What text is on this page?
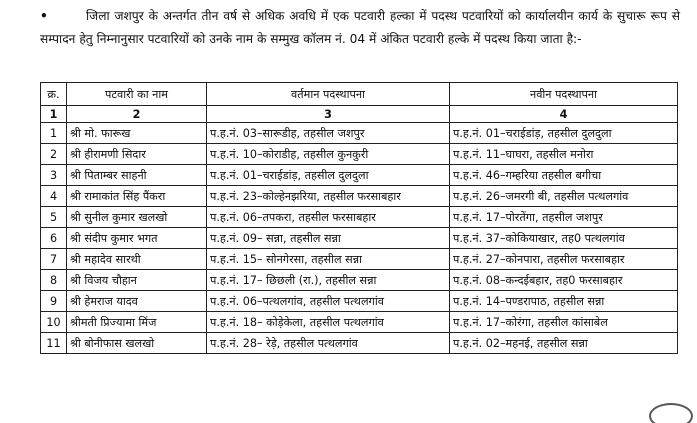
•	जिला जशपुर के अन्तर्गत तीन वर्ष से अधिक अवधि में एक पटवारी हल्का में पदस्थ पटवारियों को कार्यालयीन कार्य के सुचारू रूप से सम्पादन हेतु निम्नानुसार पटवारियों को उनके नाम के सम्मुख कॉलम नं. 04 में अंकित पटवारी हल्के में पदस्थ किया जाता है:-
क्र.	पटवारी का नाम	वर्तमान पदस्थापना	नवीन पदस्थापना
1	2	3	4
1	श्री मो. फारूख	प.ह.नं. 03–सारूडीह, तहसील जशपुर	प.ह.नं. 01–चराईडांड़, तहसील दुलदुला
2	श्री हीरामणी सिदार	प.ह.नं. 10–कोराडीह, तहसील कुनकुरी	प.ह.नं. 11–घाघरा, तहसील मनोरा
3	श्री पिताम्बर साहनी	प.ह.नं. 01–चराईडांड़, तहसील दुलदुला	प.ह.नं. 46–गम्हरिया तहसील बगीचा
4	श्री रामाकांत सिंह पैंकरा	प.ह.नं. 23–कोल्हेनझरिया, तहसील फरसाबहार	प.ह.नं. 26–जमरगी बी, तहसील पत्थलगांव
5	श्री सुनील कुमार खलखो	प.ह.नं. 06–तपकरा, तहसील फरसाबहार	प.ह.नं. 17–पोरतेंगा, तहसील जशपुर
6	श्री संदीप कुमार भगत	प.ह.नं. 09– सन्ना, तहसील सन्ना	प.ह.नं. 37–कोकियाखार, तह0 पत्थलगांव
7	श्री महादेव सारथी	प.ह.नं. 15– सोनगेरसा, तहसील सन्ना	प.ह.नं. 27–कोनपारा, तहसील फरसाबहार
8	श्री विजय चौहान	प.ह.नं. 17– छिछली (रा.), तहसील सन्ना	प.ह.नं. 08–कन्दईबहार, तह0 फरसाबहार
9	श्री हेमराज यादव	प.ह.नं. 06–पत्थलगांव, तहसील पत्थलगांव	प.ह.नं. 14–पण्डरापाठ, तहसील सन्ना
10	श्रीमती प्रिज्यामा मिंज	प.ह.नं. 18– कोड़ेकेला, तहसील पत्थलगांव	प.ह.नं. 17–कोरंगा, तहसील कांसाबेल
11	श्री बोनीफास खलखो	प.ह.नं. 28– रेड़े, तहसील पत्थलगांव	प.ह.नं. 02–महनई, तहसील सन्ना
